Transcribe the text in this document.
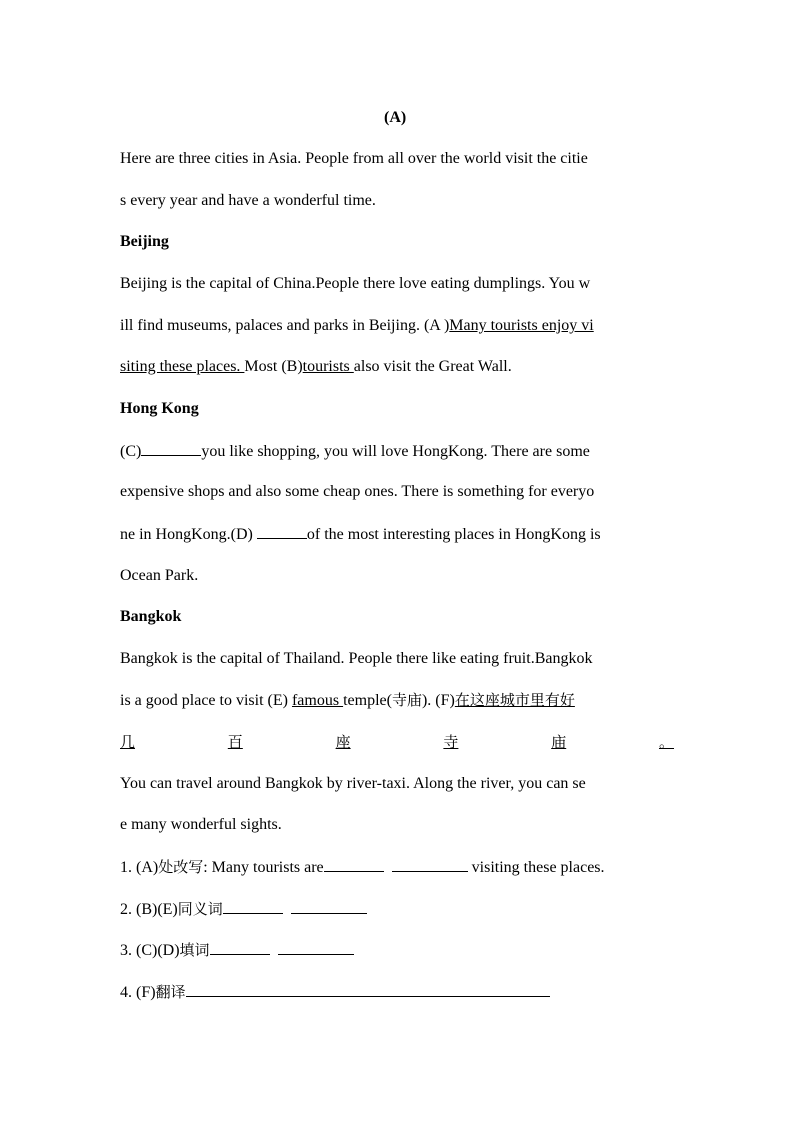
(A)
Here are three cities in Asia. People from all over the world visit the citie
s every year and have a wonderful time.
Beijing
Beijing is the capital of China.People there love eating dumplings. You w
ill find museums, palaces and parks in Beijing. (A )Many tourists enjoy vi
siting these places. Most (B)tourists also visit the Great Wall.
Hong Kong
(C)	you like shopping, you will love HongKong. There are some
expensive shops and also some cheap ones. There is something for everyo
ne in HongKong.(D)	of the most interesting places in HongKong is
Ocean Park.
Bangkok
Bangkok is the capital of Thailand. People there like eating fruit.Bangkok
is a good place to visit (E) famous temple(寺庙). (F)在这座城市里有好
几	百	座	寺	庙	。
You can travel around Bangkok by river-taxi. Along the river, you can se
e many wonderful sights.
1. (A)处改写: Many tourists are	visiting these places.
2. (B)(E)同义词
3. (C)(D)填词
4. (F)翻译
